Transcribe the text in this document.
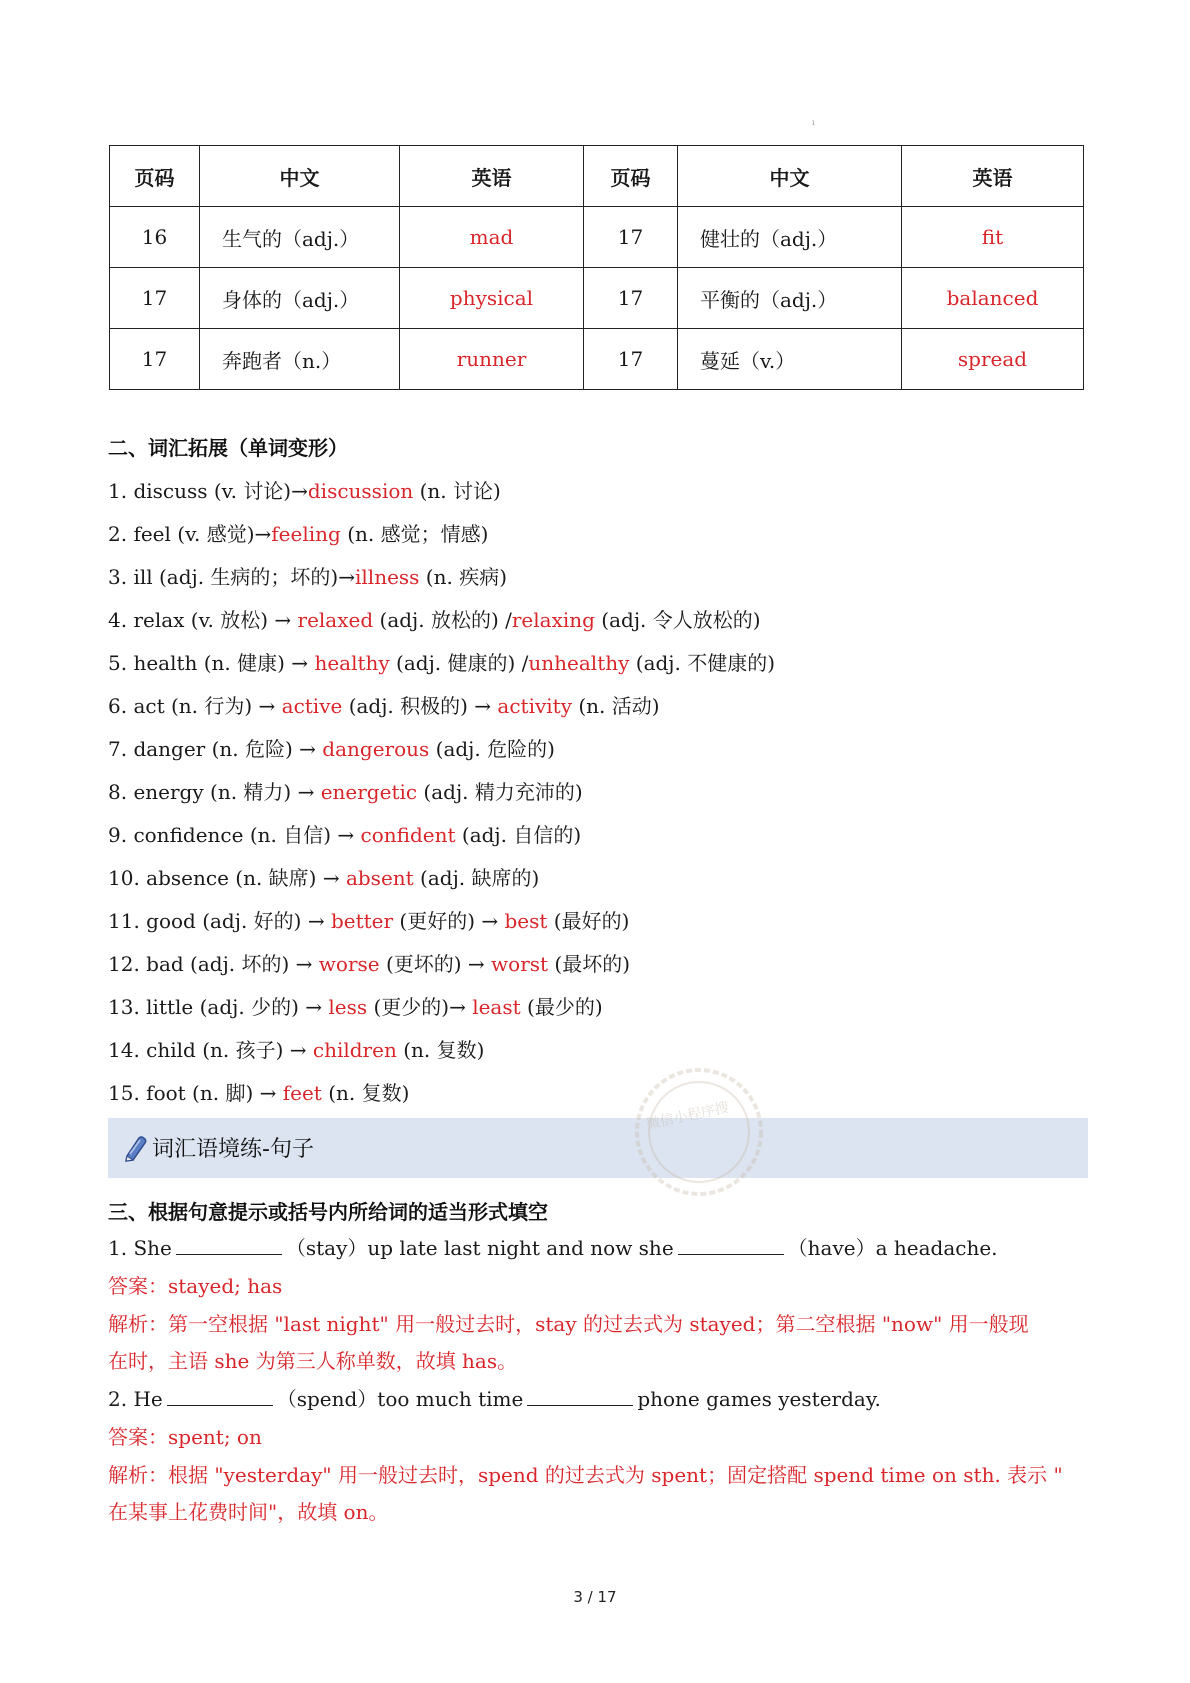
ı
页码	中文	英语	页码	中文	英语
16	生气的（adj.）	mad	17	健壮的（adj.）	fit
17	身体的（adj.）	physical	17	平衡的（adj.）	balanced
17	奔跑者（n.）	runner	17	蔓延（v.）	spread
二、词汇拓展（单词变形）
1. discuss (v. 讨论)→discussion (n. 讨论)
2. feel (v. 感觉)→feeling (n. 感觉；情感)
3. ill (adj. 生病的；坏的)→illness (n. 疾病)
4. relax (v. 放松) → relaxed (adj. 放松的) /relaxing (adj. 令人放松的)
5. health (n. 健康) → healthy (adj. 健康的) /unhealthy (adj. 不健康的)
6. act (n. 行为) → active (adj. 积极的) → activity (n. 活动)
7. danger (n. 危险) → dangerous (adj. 危险的)
8. energy (n. 精力) → energetic (adj. 精力充沛的)
9. confidence (n. 自信) → confident (adj. 自信的)
10. absence (n. 缺席) → absent (adj. 缺席的)
11. good (adj. 好的) → better (更好的) → best (最好的)
12. bad (adj. 坏的) → worse (更坏的) → worst (最坏的)
13. little (adj. 少的) → less (更少的)→ least (最少的)
14. child (n. 孩子) → children (n. 复数)
15. foot (n. 脚) → feet (n. 复数)
词汇语境练-句子
微信小程序搜
三、根据句意提示或括号内所给词的适当形式填空
1. She	（stay）up late last night and now she	（have）a headache.
答案：stayed; has
解析：第一空根据 "last night" 用一般过去时，stay 的过去式为 stayed；第二空根据 "now" 用一般现
在时，主语 she 为第三人称单数，故填 has。
2. He	（spend）too much time	phone games yesterday.
答案：spent; on
解析：根据 "yesterday" 用一般过去时，spend 的过去式为 spent；固定搭配 spend time on sth. 表示 "
在某事上花费时间"，故填 on。
3 / 17
